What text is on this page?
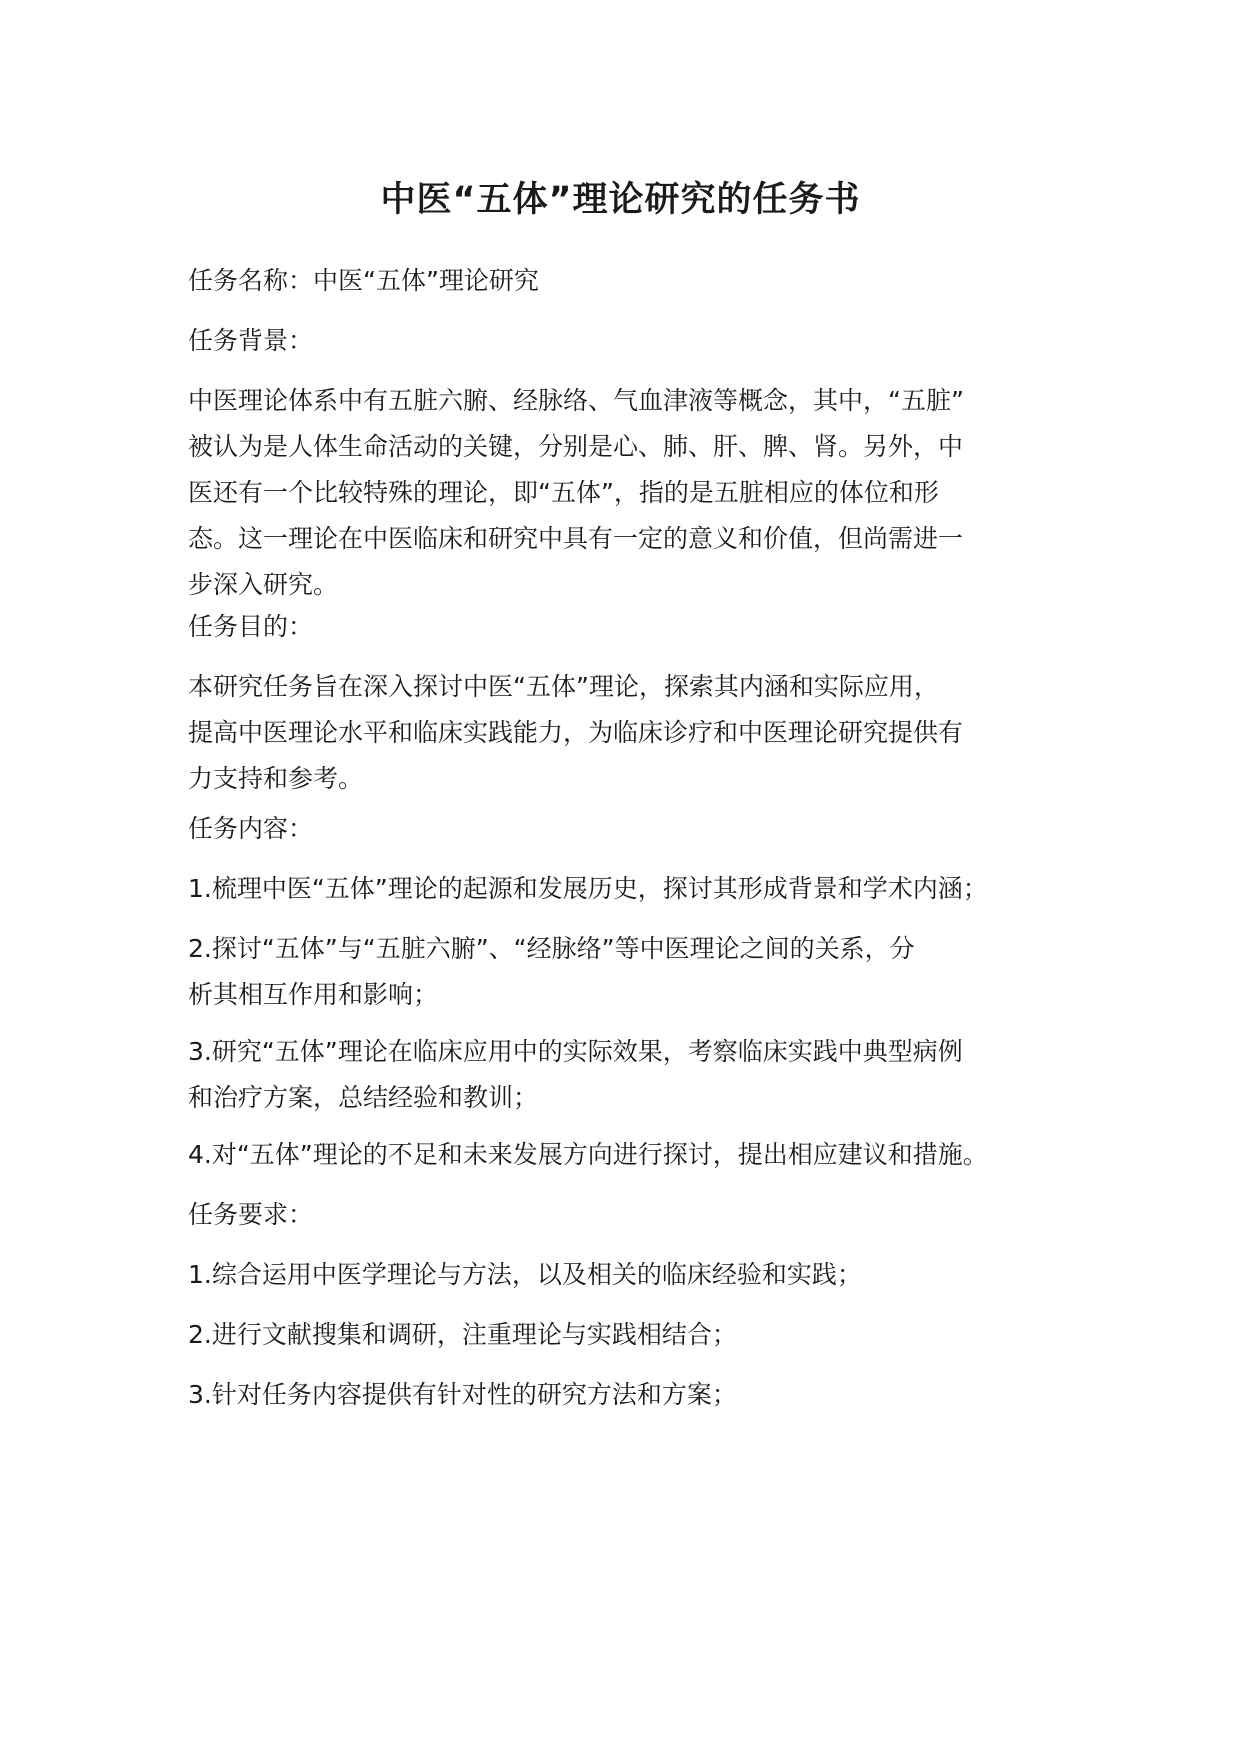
中医“五体”理论研究的任务书

任务名称：中医“五体”理论研究

任务背景：

中医理论体系中有五脏六腑、经脉络、气血津液等概念，其中，“五脏”
被认为是人体生命活动的关键，分别是心、肺、肝、脾、肾。另外，中
医还有一个比较特殊的理论，即“五体”，指的是五脏相应的体位和形
态。这一理论在中医临床和研究中具有一定的意义和价值，但尚需进一
步深入研究。

任务目的：

本研究任务旨在深入探讨中医“五体”理论，探索其内涵和实际应用，
提高中医理论水平和临床实践能力，为临床诊疗和中医理论研究提供有
力支持和参考。

任务内容：

1.梳理中医“五体”理论的起源和发展历史，探讨其形成背景和学术内涵；

2.探讨“五体”与“五脏六腑”、“经脉络”等中医理论之间的关系，分
析其相互作用和影响；
3.研究“五体”理论在临床应用中的实际效果，考察临床实践中典型病例
和治疗方案，总结经验和教训；

4.对“五体”理论的不足和未来发展方向进行探讨，提出相应建议和措施。

任务要求：

1.综合运用中医学理论与方法，以及相关的临床经验和实践；

2.进行文献搜集和调研，注重理论与实践相结合；

3.针对任务内容提供有针对性的研究方法和方案；
